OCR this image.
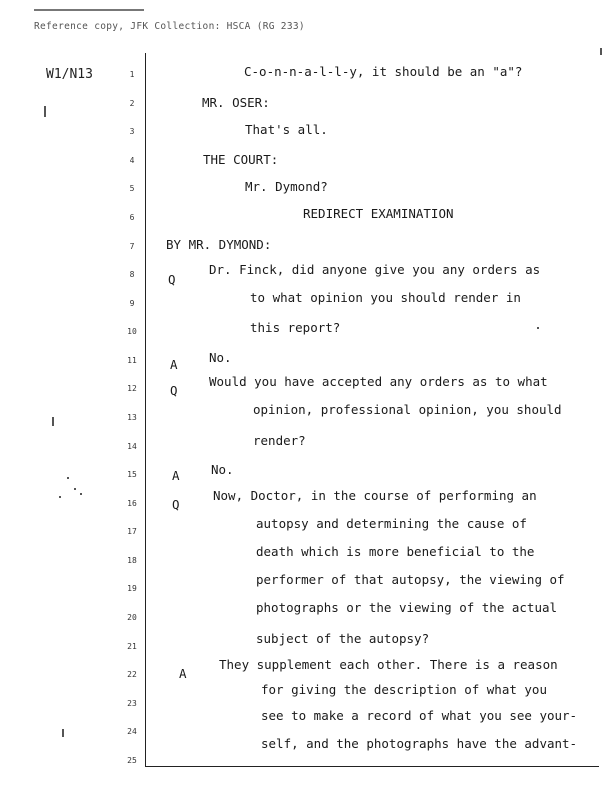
Reference copy, JFK Collection: HSCA (RG 233)
W1/N13	1
2
3
4
5
6
7
8
9
10
11
12
13
14
15
16
17
18
19
20
21
22
23
24
25
Q
A
Q
A
Q
A
C-o-n-n-a-l-l-y, it should be an "a"?
MR. OSER:
That's all.
THE COURT:
Mr. Dymond?
REDIRECT EXAMINATION
BY MR. DYMOND:
Dr. Finck, did anyone give you any orders as
to what opinion you should render in
this report?
No.
Would you have accepted any orders as to what
opinion, professional opinion, you should
render?
No.
Now, Doctor, in the course of performing an
autopsy and determining the cause of
death which is more beneficial to the
performer of that autopsy, the viewing of
photographs or the viewing of the actual
subject of the autopsy?
They supplement each other. There is a reason
for giving the description of what you
see to make a record of what you see your-
self, and the photographs have the advant-
